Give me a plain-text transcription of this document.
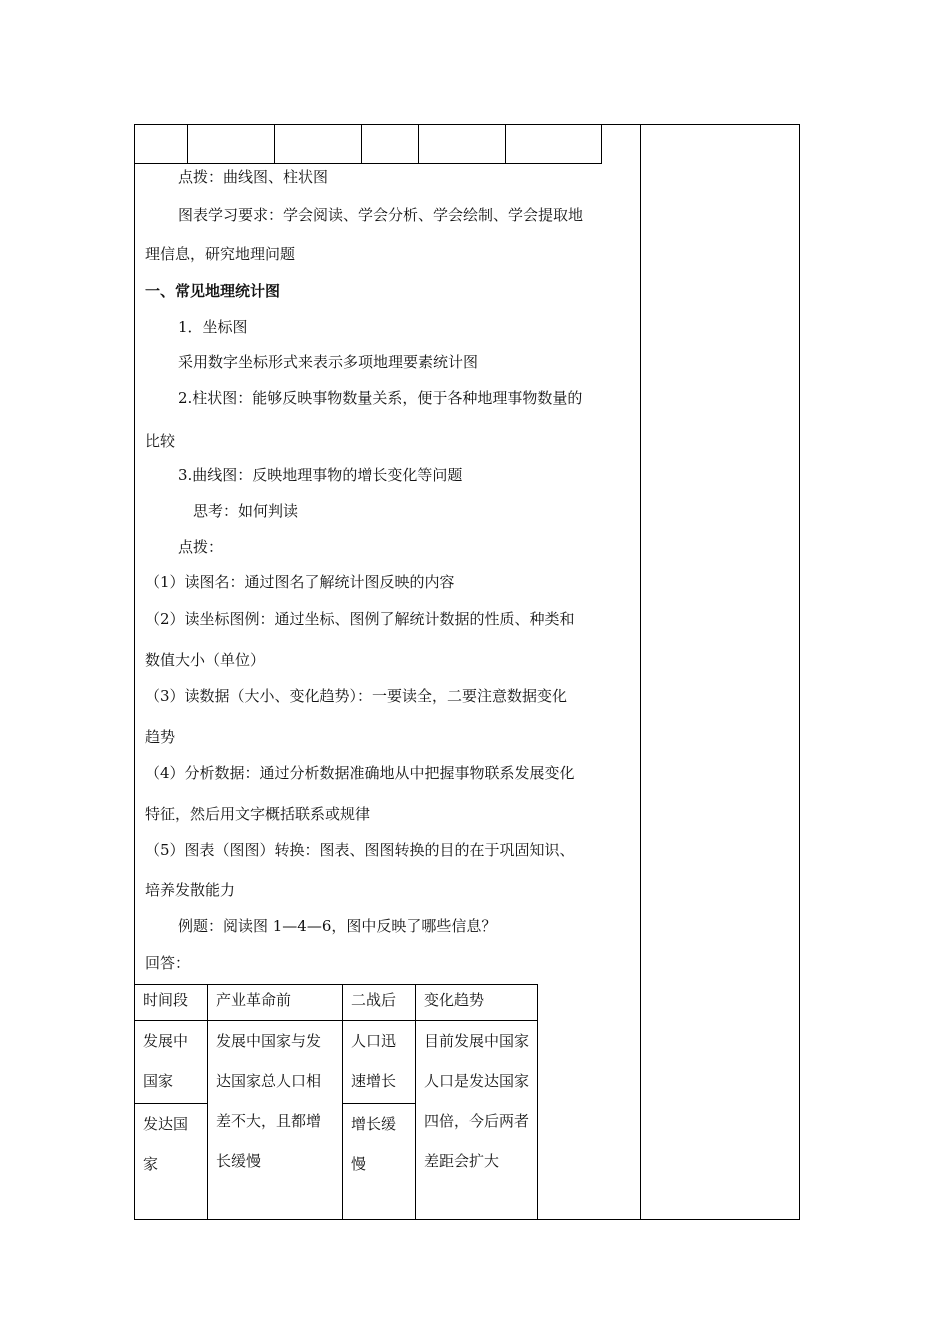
点拨：曲线图、柱状图
图表学习要求：学会阅读、学会分析、学会绘制、学会提取地
理信息，研究地理问题
一、常见地理统计图
1．坐标图
采用数字坐标形式来表示多项地理要素统计图
2.柱状图：能够反映事物数量关系，便于各种地理事物数量的
比较
3.曲线图：反映地理事物的增长变化等问题
思考：如何判读
点拨：
（1）读图名：通过图名了解统计图反映的内容
（2）读坐标图例：通过坐标、图例了解统计数据的性质、种类和
数值大小（单位）
（3）读数据（大小、变化趋势）：一要读全，二要注意数据变化
趋势
（4）分析数据：通过分析数据准确地从中把握事物联系发展变化
特征，然后用文字概括联系或规律
（5）图表（图图）转换：图表、图图转换的目的在于巩固知识、
培养发散能力
例题：阅读图 1—4—6，图中反映了哪些信息？
回答：
时间段	产业革命前	二战后	变化趋势

发展中国家	发展中国家与发达国家总人口相差不大，且都增长缓慢	人口迅速增长	目前发展中国家人口是发达国家四倍，今后两者差距会扩大

发达国家		增长缓慢	
